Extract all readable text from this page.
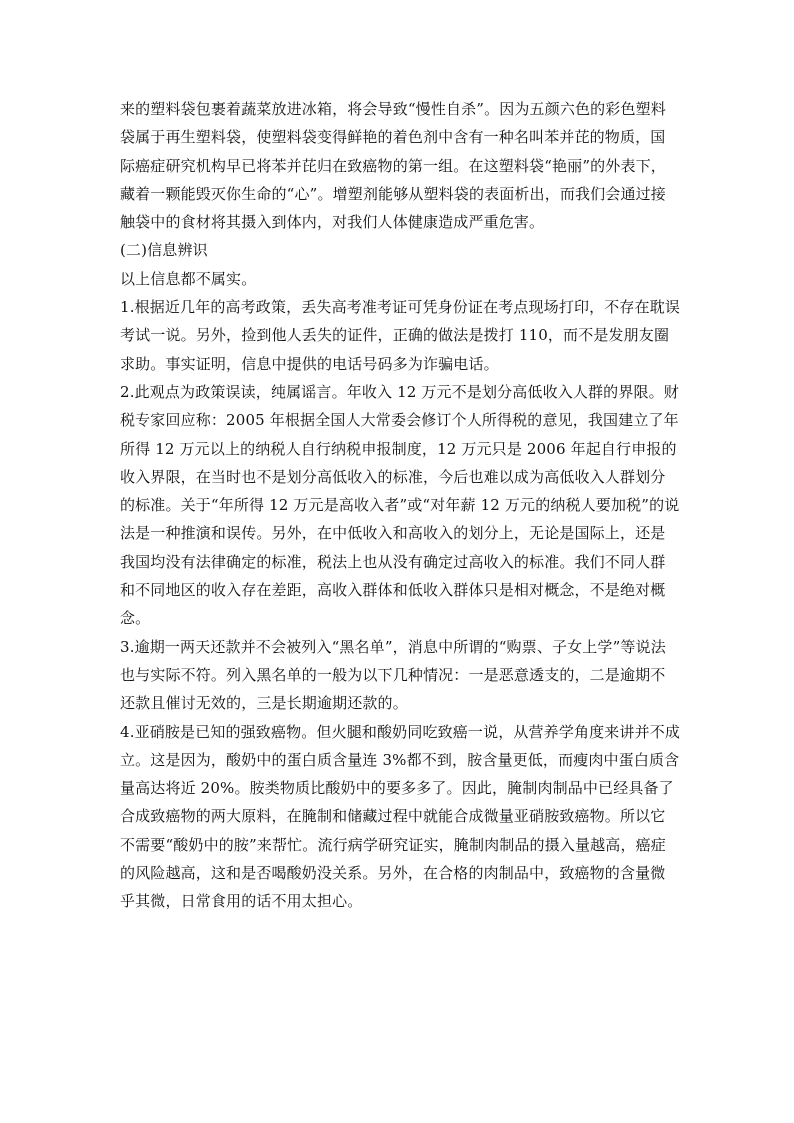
来的塑料袋包裹着蔬菜放进冰箱，将会导致“慢性自杀”。因为五颜六色的彩色塑料袋属于再生塑料袋，使塑料袋变得鲜艳的着色剂中含有一种名叫苯并芘的物质，国际癌症研究机构早已将苯并芘归在致癌物的第一组。在这塑料袋“艳丽”的外表下，藏着一颗能毁灭你生命的“心”。增塑剂能够从塑料袋的表面析出，而我们会通过接触袋中的食材将其摄入到体内，对我们人体健康造成严重危害。

(二)信息辨识

以上信息都不属实。

1.根据近几年的高考政策，丢失高考准考证可凭身份证在考点现场打印，不存在耽误考试一说。另外，捡到他人丢失的证件，正确的做法是拨打 110，而不是发朋友圈求助。事实证明，信息中提供的电话号码多为诈骗电话。

2.此观点为政策误读，纯属谣言。年收入 12 万元不是划分高低收入人群的界限。财税专家回应称：2005 年根据全国人大常委会修订个人所得税的意见，我国建立了年所得 12 万元以上的纳税人自行纳税申报制度，12 万元只是 2006 年起自行申报的收入界限，在当时也不是划分高低收入的标准，今后也难以成为高低收入人群划分的标准。关于“年所得 12 万元是高收入者”或“对年薪 12 万元的纳税人要加税”的说法是一种推演和误传。另外，在中低收入和高收入的划分上，无论是国际上，还是我国均没有法律确定的标准，税法上也从没有确定过高收入的标准。我们不同人群和不同地区的收入存在差距，高收入群体和低收入群体只是相对概念，不是绝对概念。

3.逾期一两天还款并不会被列入“黑名单”，消息中所谓的“购票、子女上学”等说法也与实际不符。列入黑名单的一般为以下几种情况：一是恶意透支的，二是逾期不还款且催讨无效的，三是长期逾期还款的。

4.亚硝胺是已知的强致癌物。但火腿和酸奶同吃致癌一说，从营养学角度来讲并不成立。这是因为，酸奶中的蛋白质含量连 3%都不到，胺含量更低，而瘦肉中蛋白质含量高达将近 20%。胺类物质比酸奶中的要多多了。因此，腌制肉制品中已经具备了合成致癌物的两大原料，在腌制和储藏过程中就能合成微量亚硝胺致癌物。所以它不需要“酸奶中的胺”来帮忙。流行病学研究证实，腌制肉制品的摄入量越高，癌症的风险越高，这和是否喝酸奶没关系。另外，在合格的肉制品中，致癌物的含量微乎其微，日常食用的话不用太担心。
